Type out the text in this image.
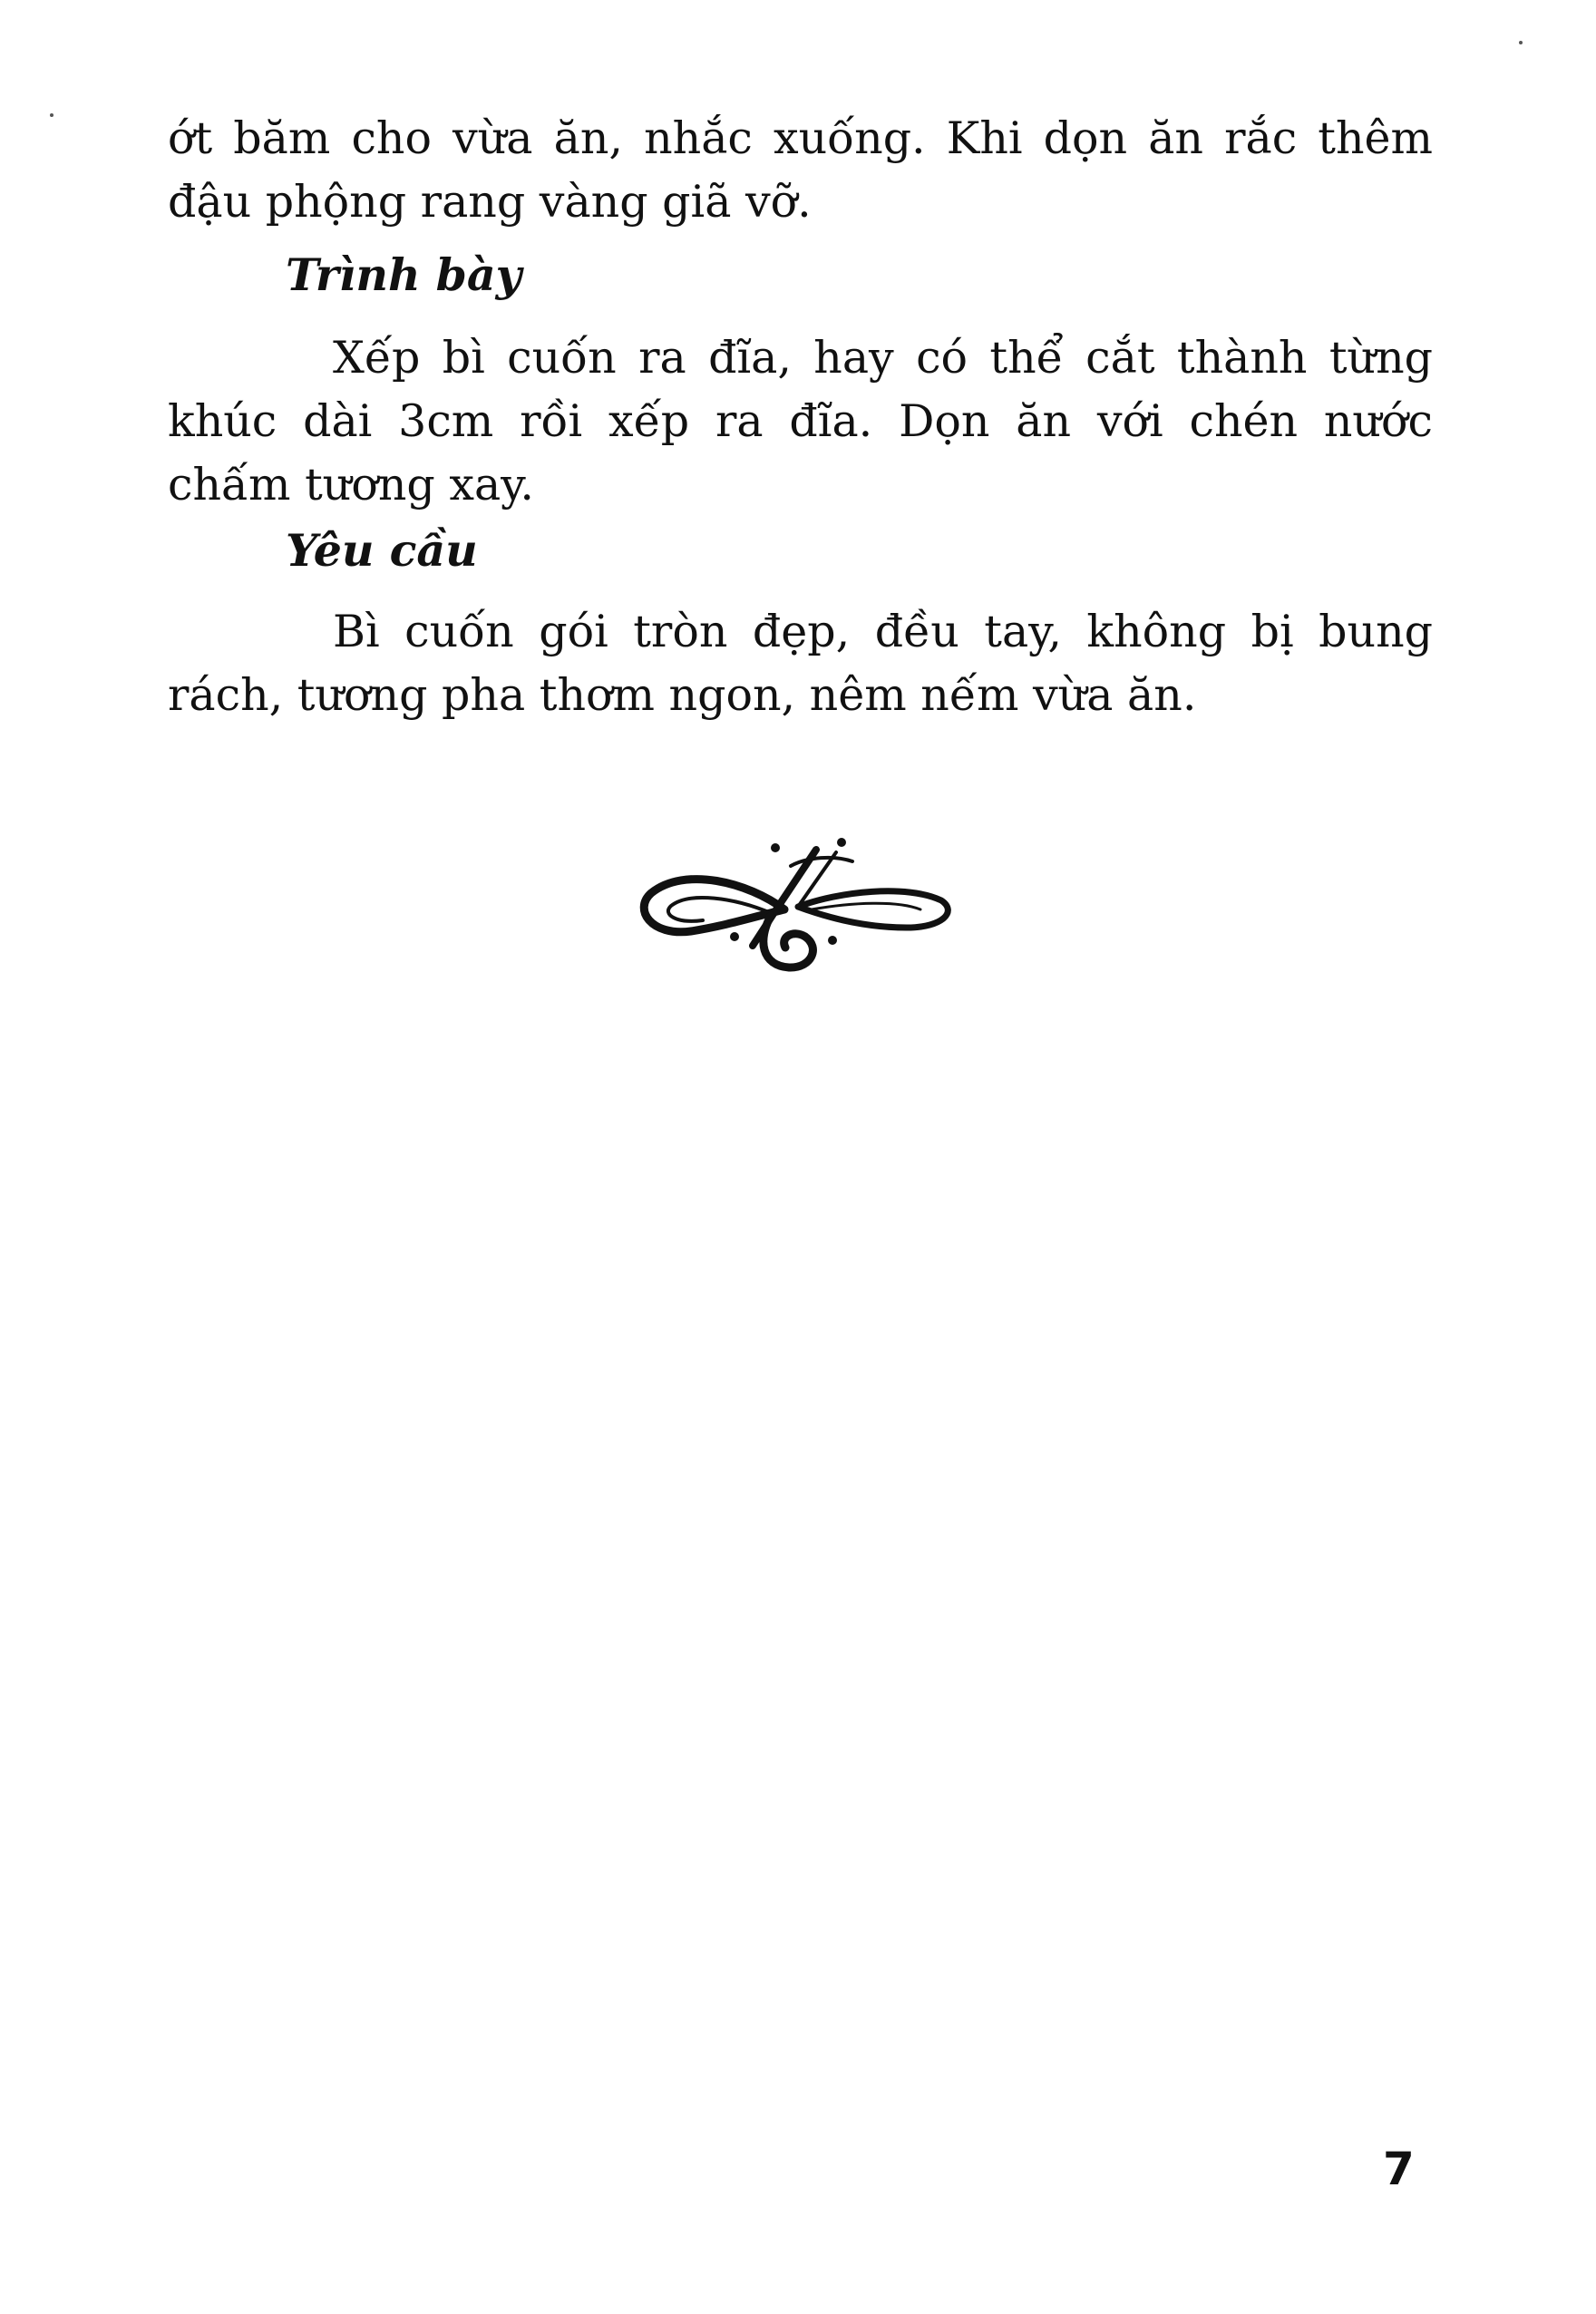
ớt băm cho vừa ăn, nhắc xuống. Khi dọn ăn rắc thêm đậu phộng rang vàng giã vỡ.

Trình bày

Xếp bì cuốn ra đĩa, hay có thể cắt thành từng khúc dài 3cm rồi xếp ra đĩa. Dọn ăn với chén nước chấm tương xay.

Yêu cầu

Bì cuốn gói tròn đẹp, đều tay, không bị bung rách, tương pha thơm ngon, nêm nếm vừa ăn.

7
